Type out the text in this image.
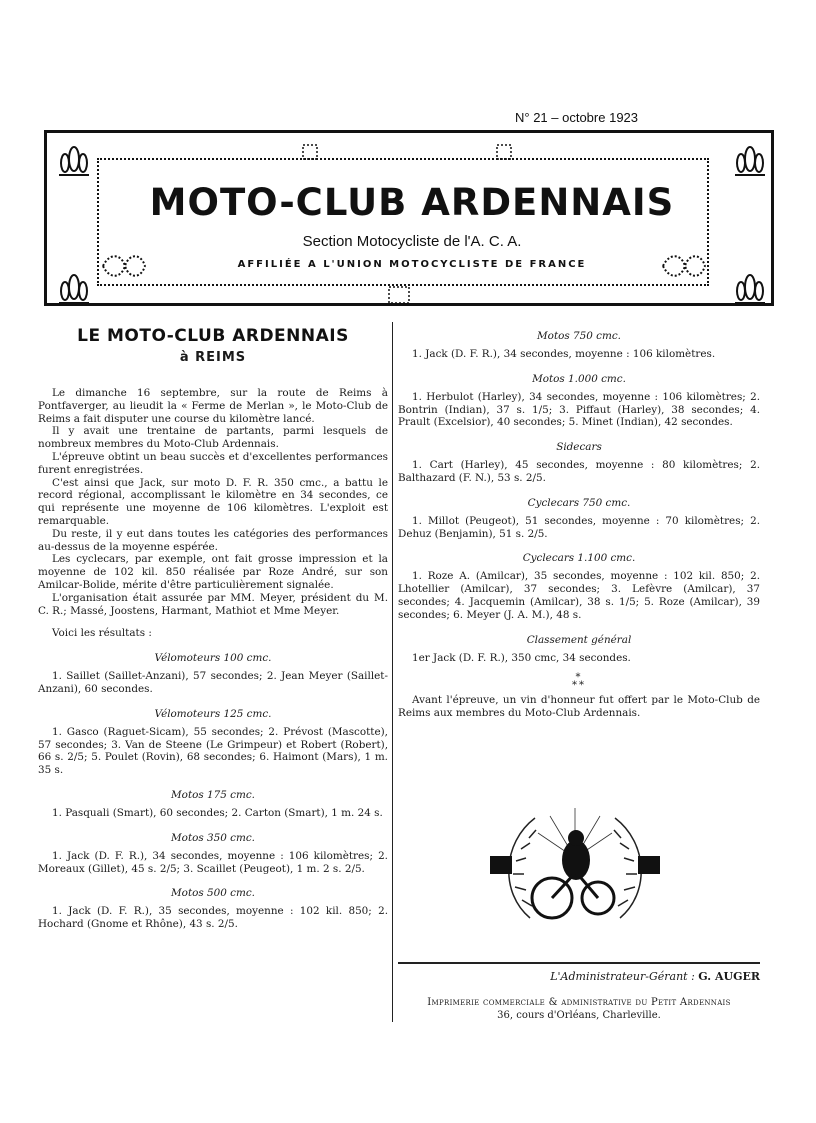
N° 21 – octobre 1923
MOTO-CLUB ARDENNAIS
Section Motocycliste de l'A. C. A.
AFFILIÉE A L'UNION MOTOCYCLISTE DE FRANCE
LE MOTO-CLUB ARDENNAIS
à REIMS

Le dimanche 16 septembre, sur la route de Reims à Pontfaverger, au lieudit la « Ferme de Merlan », le Moto-Club de Reims a fait disputer une course du kilomètre lancé.

Il y avait une trentaine de partants, parmi lesquels de nombreux membres du Moto-Club Ardennais.

L'épreuve obtint un beau succès et d'excellentes performances furent enregistrées.

C'est ainsi que Jack, sur moto D. F. R. 350 cmc., a battu le record régional, accomplissant le kilomètre en 34 secondes, ce qui représente une moyenne de 106 kilomètres. L'exploit est remarquable.

Du reste, il y eut dans toutes les catégories des performances au-dessus de la moyenne espérée.

Les cyclecars, par exemple, ont fait grosse impression et la moyenne de 102 kil. 850 réalisée par Roze André, sur son Amilcar-Bolide, mérite d'être particulièrement signalée.

L'organisation était assurée par MM. Meyer, président du M. C. R.; Massé, Joostens, Harmant, Mathiot et Mme Meyer.

Voici les résultats :

Vélomoteurs 100 cmc.

1. Saillet (Saillet-Anzani), 57 secondes; 2. Jean Meyer (Saillet-Anzani), 60 secondes.

Vélomoteurs 125 cmc.

1. Gasco (Raguet-Sicam), 55 secondes; 2. Prévost (Mascotte), 57 secondes; 3. Van de Steene (Le Grimpeur) et Robert (Robert), 66 s. 2/5; 5. Poulet (Rovin), 68 secondes; 6. Haimont (Mars), 1 m. 35 s.

Motos 175 cmc.

1. Pasquali (Smart), 60 secondes; 2. Carton (Smart), 1 m. 24 s.

Motos 350 cmc.

1. Jack (D. F. R.), 34 secondes, moyenne : 106 kilomètres; 2. Moreaux (Gillet), 45 s. 2/5; 3. Scaillet (Peugeot), 1 m. 2 s. 2/5.

Motos 500 cmc.

1. Jack (D. F. R.), 35 secondes, moyenne : 102 kil. 850; 2. Hochard (Gnome et Rhône), 43 s. 2/5.

Motos 750 cmc.

1. Jack (D. F. R.), 34 secondes, moyenne : 106 kilomètres.

Motos 1.000 cmc.

1. Herbulot (Harley), 34 secondes, moyenne : 106 kilomètres; 2. Bontrin (Indian), 37 s. 1/5; 3. Piffaut (Harley), 38 secondes; 4. Prault (Excelsior), 40 secondes; 5. Minet (Indian), 42 secondes.

Sidecars

1. Cart (Harley), 45 secondes, moyenne : 80 kilomètres; 2. Balthazard (F. N.), 53 s. 2/5.

Cyclecars 750 cmc.

1. Millot (Peugeot), 51 secondes, moyenne : 70 kilomètres; 2. Dehuz (Benjamin), 51 s. 2/5.

Cyclecars 1.100 cmc.

1. Roze A. (Amilcar), 35 secondes, moyenne : 102 kil. 850; 2. Lhotellier (Amilcar), 37 secondes; 3. Lefèvre (Amilcar), 37 secondes; 4. Jacquemin (Amilcar), 38 s. 1/5; 5. Roze (Amilcar), 39 secondes; 6. Meyer (J. A. M.), 48 s.

Classement général

1er Jack (D. F. R.), 350 cmc, 34 secondes.

*
**

Avant l'épreuve, un vin d'honneur fut offert par le Moto-Club de Reims aux membres du Moto-Club Ardennais.

L'Administrateur-Gérant : G. AUGER
Imprimerie commerciale & administrative du Petit Ardennais
36, cours d'Orléans, Charleville.
